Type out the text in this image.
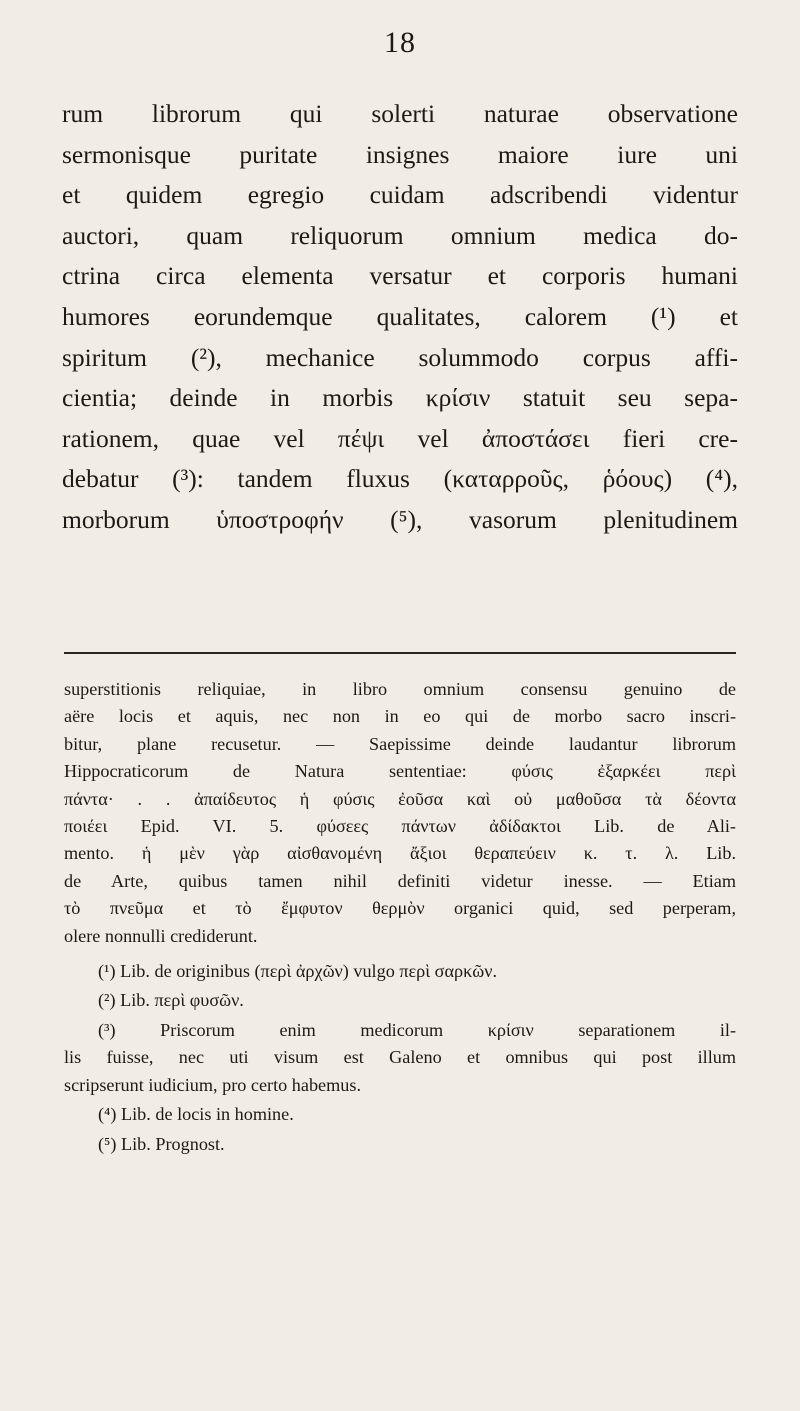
18
rum librorum qui solerti naturae observatione
sermonisque puritate insignes maiore iure uni
et quidem egregio cuidam adscribendi videntur
auctori, quam reliquorum omnium medica do-
ctrina circa elementa versatur et corporis humani
humores eorundemque qualitates, calorem (¹) et
spiritum (²), mechanice solummodo corpus affi-
cientia; deinde in morbis κρίσιν statuit seu sepa-
rationem, quae vel πέψι vel ἀποστάσει fieri cre-
debatur (³): tandem fluxus (καταρροῦς, ῥόους) (⁴),
morborum ὑποστροφήν (⁵), vasorum plenitudinem
superstitionis reliquiae, in libro omnium consensu genuino de
aëre locis et aquis, nec non in eo qui de morbo sacro inscri-
bitur, plane recusetur. — Saepissime deinde laudantur librorum
Hippocraticorum de Natura sententiae: φύσις ἐξαρκέει περὶ
πάντα· . . ἀπαίδευτος ἡ φύσις ἐοῦσα καὶ οὐ μαθοῦσα τὰ δέοντα
ποιέει Epid. VI. 5. φύσεες πάντων ἀδίδακτοι Lib. de Ali-
mento. ἡ μὲν γὰρ αἰσθανομένη ἄξιοι θεραπεύειν κ. τ. λ. Lib.
de Arte, quibus tamen nihil definiti videtur inesse. — Etiam
τὸ πνεῦμα et τὸ ἔμφυτον θερμὸν organici quid, sed perperam,
olere nonnulli crediderunt.
(¹) Lib. de originibus (περὶ ἀρχῶν) vulgo περὶ σαρκῶν.
(²) Lib. περὶ φυσῶν.
(³) Priscorum enim medicorum κρίσιν separationem il-
lis fuisse, nec uti visum est Galeno et omnibus qui post illum
scripserunt iudicium, pro certo habemus.
(⁴) Lib. de locis in homine.
(⁵) Lib. Prognost.
